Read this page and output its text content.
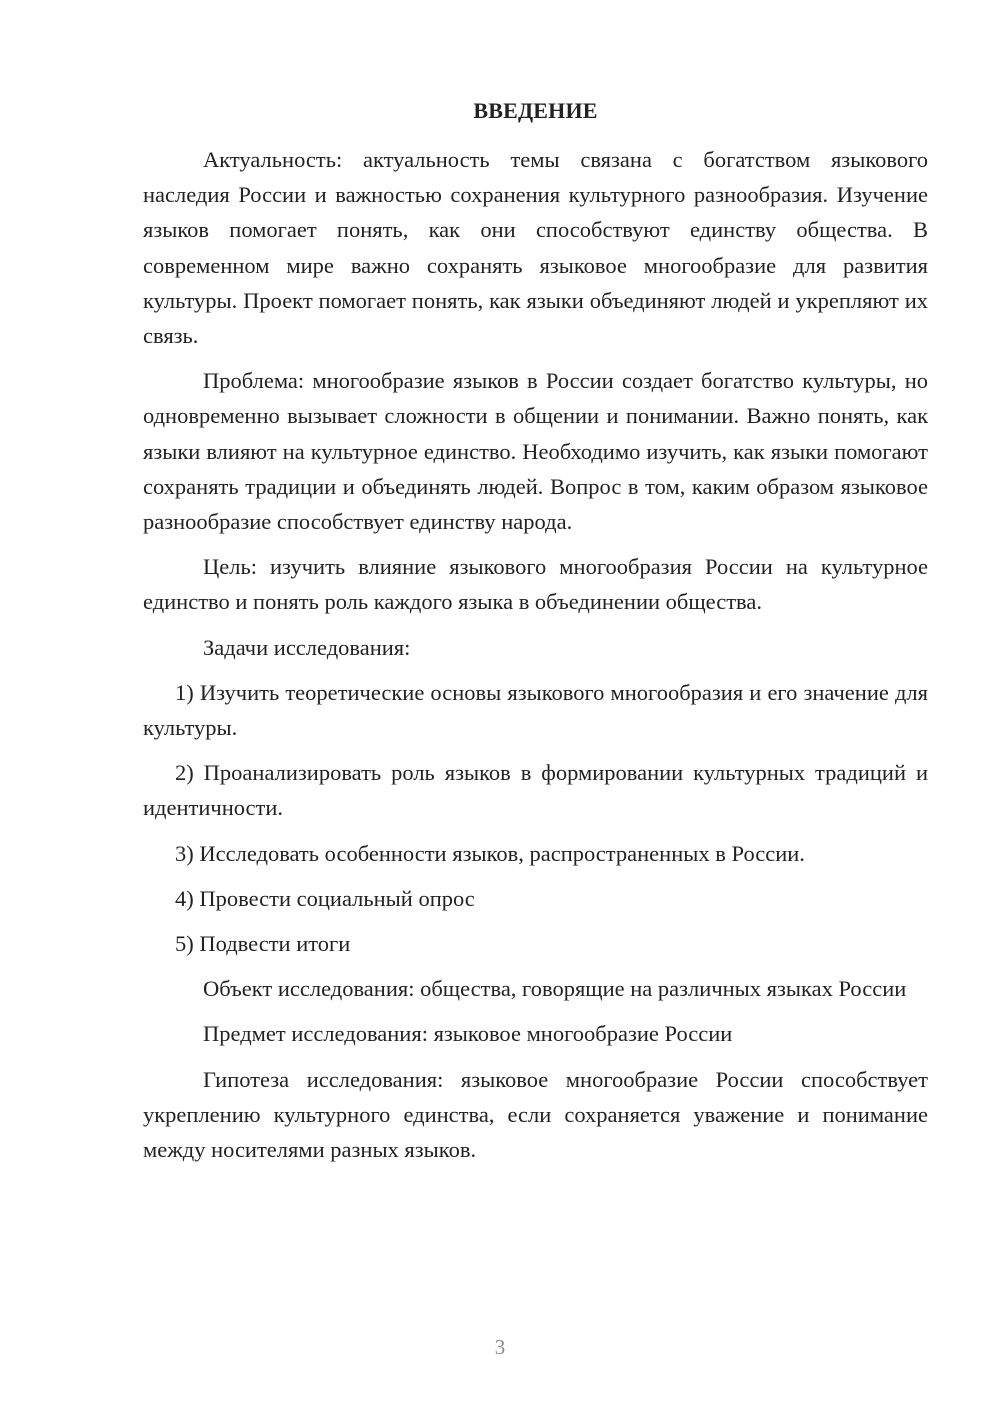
ВВЕДЕНИЕ

Актуальность: актуальность темы связана с богатством языкового наследия России и важностью сохранения культурного разнообразия. Изучение языков помогает понять, как они способствуют единству общества. В современном мире важно сохранять языковое многообразие для развития культуры. Проект помогает понять, как языки объединяют людей и укрепляют их связь.

Проблема: многообразие языков в России создает богатство культуры, но одновременно вызывает сложности в общении и понимании. Важно понять, как языки влияют на культурное единство. Необходимо изучить, как языки помогают сохранять традиции и объединять людей. Вопрос в том, каким образом языковое разнообразие способствует единству народа.

Цель: изучить влияние языкового многообразия России на культурное единство и понять роль каждого языка в объединении общества.

Задачи исследования:

1) Изучить теоретические основы языкового многообразия и его значение для культуры.

2) Проанализировать роль языков в формировании культурных традиций и идентичности.

3) Исследовать особенности языков, распространенных в России.

4) Провести социальный опрос

5) Подвести итоги

Объект исследования: общества, говорящие на различных языках России

Предмет исследования: языковое многообразие России

Гипотеза исследования: языковое многообразие России способствует укреплению культурного единства, если сохраняется уважение и понимание между носителями разных языков.

3
